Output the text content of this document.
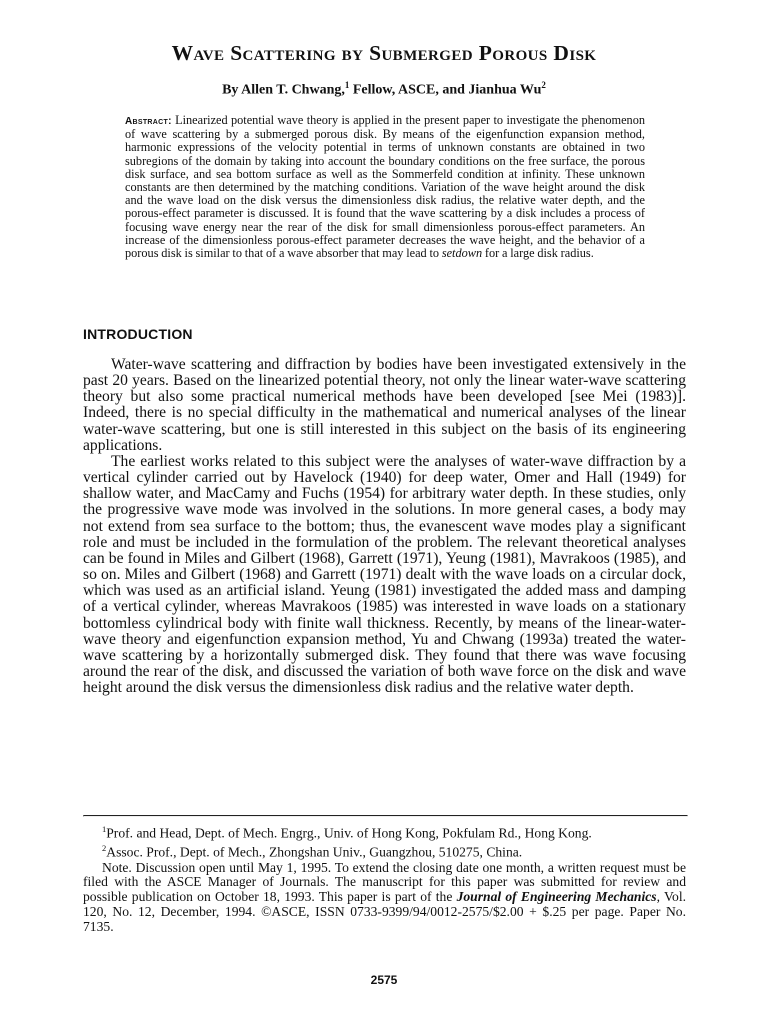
Wave Scattering by Submerged Porous Disk

By Allen T. Chwang,$^1$ Fellow, ASCE, and Jianhua Wu$^2$

Abstract: Linearized potential wave theory is applied in the present paper to investigate the phenomenon of wave scattering by a submerged porous disk. By means of the eigenfunction expansion method, harmonic expressions of the velocity potential in terms of unknown constants are obtained in two subregions of the domain by taking into account the boundary conditions on the free surface, the porous disk surface, and sea bottom surface as well as the Sommerfeld condition at infinity. These unknown constants are then determined by the matching conditions. Variation of the wave height around the disk and the wave load on the disk versus the dimensionless disk radius, the relative water depth, and the porous-effect parameter is discussed. It is found that the wave scattering by a disk includes a process of focusing wave energy near the rear of the disk for small dimensionless porous-effect parameters. An increase of the dimensionless porous-effect parameter decreases the wave height, and the behavior of a porous disk is similar to that of a wave absorber that may lead to setdown for a large disk radius.

INTRODUCTION

Water-wave scattering and diffraction by bodies have been investigated extensively in the past 20 years. Based on the linearized potential theory, not only the linear water-wave scattering theory but also some practical numerical methods have been developed [see Mei (1983)]. Indeed, there is no special difficulty in the mathematical and numerical analyses of the linear water-wave scattering, but one is still interested in this subject on the basis of its engineering applications.

The earliest works related to this subject were the analyses of water-wave diffraction by a vertical cylinder carried out by Havelock (1940) for deep water, Omer and Hall (1949) for shallow water, and MacCamy and Fuchs (1954) for arbitrary water depth. In these studies, only the progressive wave mode was involved in the solutions. In more general cases, a body may not extend from sea surface to the bottom; thus, the evanescent wave modes play a significant role and must be included in the formulation of the problem. The relevant theoretical analyses can be found in Miles and Gilbert (1968), Garrett (1971), Yeung (1981), Mavrakoos (1985), and so on. Miles and Gilbert (1968) and Garrett (1971) dealt with the wave loads on a circular dock, which was used as an artificial island. Yeung (1981) investigated the added mass and damping of a vertical cylinder, whereas Mavrakoos (1985) was interested in wave loads on a stationary bottomless cylindrical body with finite wall thickness. Recently, by means of the linear-water-wave theory and eigenfunction expansion method, Yu and Chwang (1993a) treated the water-wave scattering by a horizontally submerged disk. They found that there was wave focusing around the rear of the disk, and discussed the variation of both wave force on the disk and wave height around the disk versus the dimensionless disk radius and the relative water depth.

$^1$Prof. and Head, Dept. of Mech. Engrg., Univ. of Hong Kong, Pokfulam Rd., Hong Kong.

$^2$Assoc. Prof., Dept. of Mech., Zhongshan Univ., Guangzhou, 510275, China.

Note. Discussion open until May 1, 1995. To extend the closing date one month, a written request must be filed with the ASCE Manager of Journals. The manuscript for this paper was submitted for review and possible publication on October 18, 1993. This paper is part of the Journal of Engineering Mechanics, Vol. 120, No. 12, December, 1994. ©ASCE, ISSN 0733-9399/94/0012-2575/$2.00 + $.25 per page. Paper No. 7135.

2575
